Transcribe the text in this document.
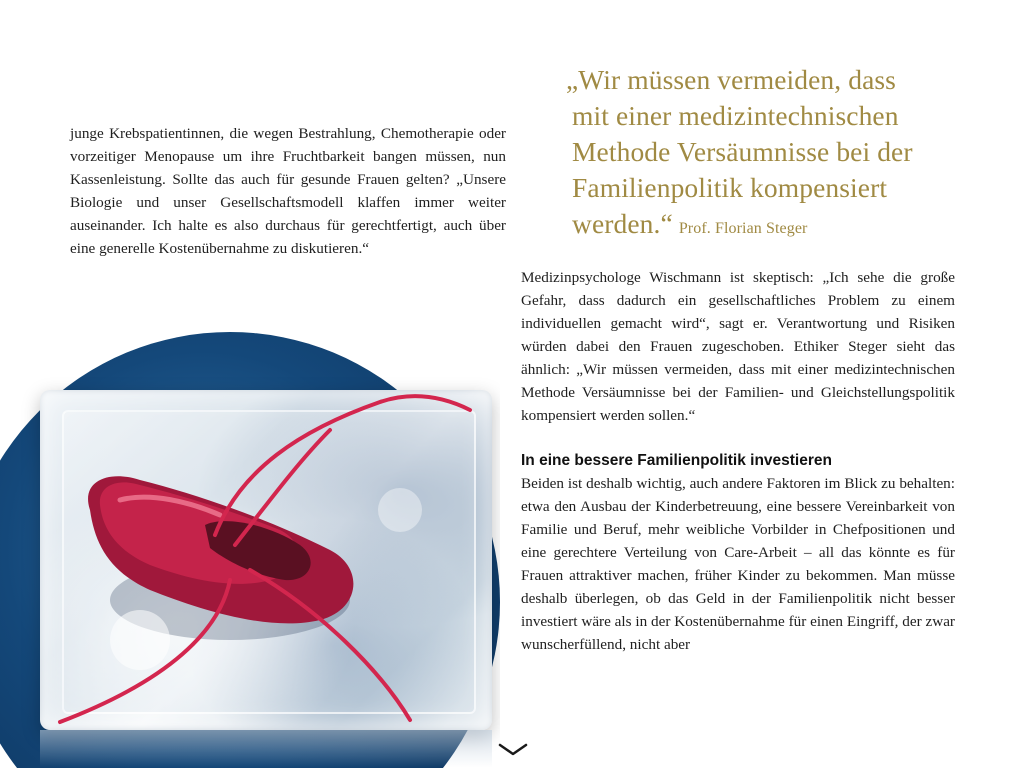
junge Krebspatientinnen, die wegen Bestrahlung, Chemotherapie oder vorzeitiger Menopause um ihre Fruchtbarkeit bangen müssen, nun Kassenleistung. Sollte das auch für gesunde Frauen gelten? „Unsere Biologie und unser Gesellschaftsmodell klaffen immer weiter auseinander. Ich halte es also durchaus für gerechtfertigt, auch über eine generelle Kostenübernahme zu diskutieren.“

„Wir müssen vermeiden, dass
mit einer medizintechnischen
Methode Versäumnisse bei der
Familienpolitik kompensiert
werden.“ Prof. Florian Steger

Medizinpsychologe Wischmann ist skeptisch: „Ich sehe die große Gefahr, dass dadurch ein gesellschaftliches Problem zu einem individuellen gemacht wird“, sagt er. Verantwortung und Risiken würden dabei den Frauen zugeschoben. Ethiker Steger sieht das ähnlich: „Wir müssen vermeiden, dass mit einer medizintechnischen Methode Versäumnisse bei der Familien- und Gleichstellungspolitik kompensiert werden sollen.“

In eine bessere Familienpolitik investieren

Beiden ist deshalb wichtig, auch andere Faktoren im Blick zu behalten: etwa den Ausbau der Kinderbetreuung, eine bessere Vereinbarkeit von Familie und Beruf, mehr weibliche Vorbilder in Chefpositionen und eine gerechtere Verteilung von Care-Arbeit – all das könnte es für Frauen attraktiver machen, früher Kinder zu bekommen. Man müsse deshalb überlegen, ob das Geld in der Familienpolitik nicht besser investiert wäre als in der Kostenübernahme für einen Eingriff, der zwar wunscherfüllend, nicht aber
